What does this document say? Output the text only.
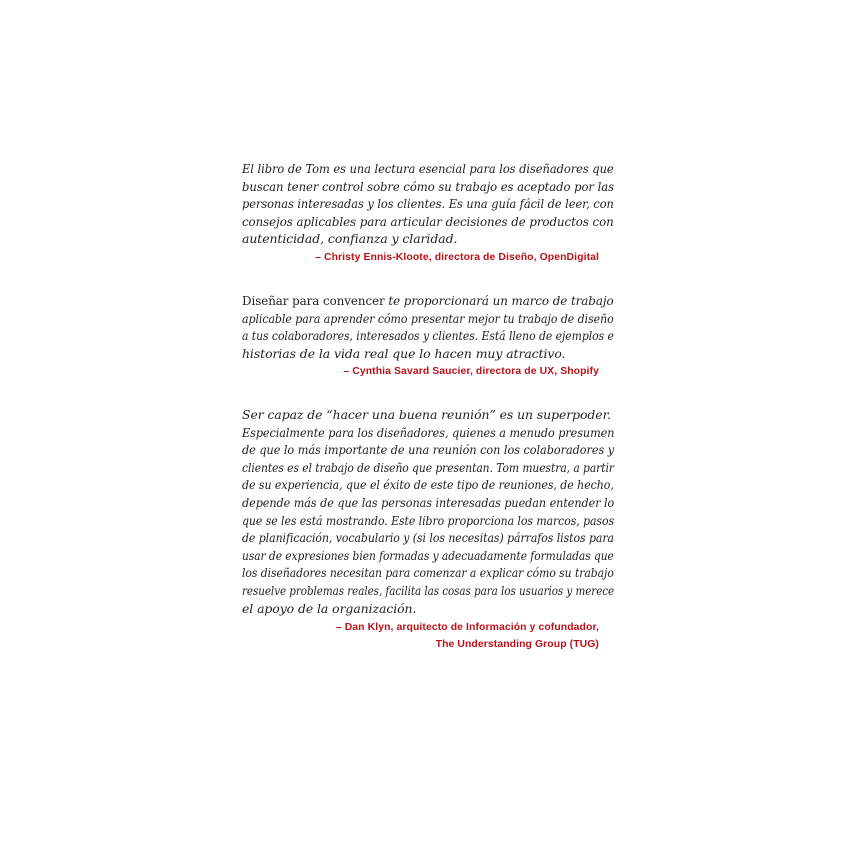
El libro de Tom es una lectura esencial para los diseñadores que
buscan tener control sobre cómo su trabajo es aceptado por las
personas interesadas y los clientes. Es una guía fácil de leer, con
consejos aplicables para articular decisiones de productos con
autenticidad, confianza y claridad.
– Christy Ennis-Kloote, directora de Diseño, OpenDigital
Diseñar para convencer te proporcionará un marco de trabajo
aplicable para aprender cómo presentar mejor tu trabajo de diseño
a tus colaboradores, interesados y clientes. Está lleno de ejemplos e
historias de la vida real que lo hacen muy atractivo.
– Cynthia Savard Saucier, directora de UX, Shopify
Ser capaz de “hacer una buena reunión” es un superpoder.
Especialmente para los diseñadores, quienes a menudo presumen
de que lo más importante de una reunión con los colaboradores y
clientes es el trabajo de diseño que presentan. Tom muestra, a partir
de su experiencia, que el éxito de este tipo de reuniones, de hecho,
depende más de que las personas interesadas puedan entender lo
que se les está mostrando. Este libro proporciona los marcos, pasos
de planificación, vocabulario y (si los necesitas) párrafos listos para
usar de expresiones bien formadas y adecuadamente formuladas que
los diseñadores necesitan para comenzar a explicar cómo su trabajo
resuelve problemas reales, facilita las cosas para los usuarios y merece
el apoyo de la organización.
– Dan Klyn, arquitecto de Información y cofundador,
The Understanding Group (TUG)
